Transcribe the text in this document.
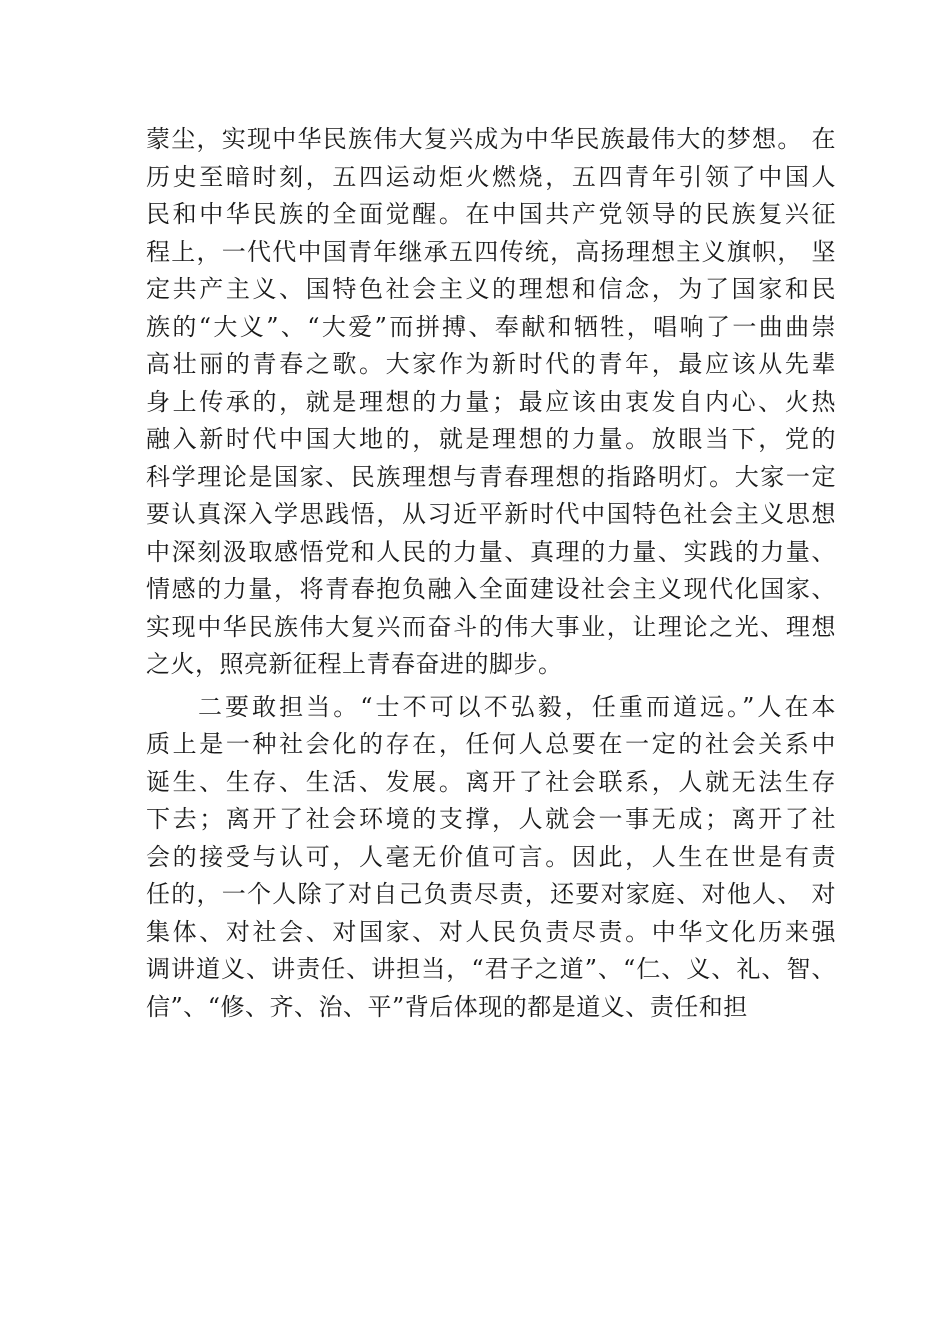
蒙尘，实现中华民族伟大复兴成为中华民族最伟大的梦想。 在
历史至暗时刻，五四运动炬火燃烧，五四青年引领了中国人
民和中华民族的全面觉醒。在中国共产党领导的民族复兴征
程上，一代代中国青年继承五四传统，高扬理想主义旗帜， 坚
定共产主义、国特色社会主义的理想和信念，为了国家和民
族的“大义”、“大爱”而拼搏、奉献和牺牲，唱响了一曲曲崇
高壮丽的青春之歌。大家作为新时代的青年，最应该从先辈
身上传承的，就是理想的力量；最应该由衷发自内心、火热
融入新时代中国大地的，就是理想的力量。放眼当下，党的
科学理论是国家、民族理想与青春理想的指路明灯。大家一定
要认真深入学思践悟，从习近平新时代中国特色社会主义思想
中深刻汲取感悟党和人民的力量、真理的力量、实践的力量、
情感的力量，将青春抱负融入全面建设社会主义现代化国家、
实现中华民族伟大复兴而奋斗的伟大事业，让理论之光、理想
之火，照亮新征程上青春奋进的脚步。
二要敢担当。“士不可以不弘毅，任重而道远。”人在本
质上是一种社会化的存在，任何人总要在一定的社会关系中
诞生、生存、生活、发展。离开了社会联系，人就无法生存
下去；离开了社会环境的支撑，人就会一事无成；离开了社
会的接受与认可，人毫无价值可言。因此，人生在世是有责
任的，一个人除了对自己负责尽责，还要对家庭、对他人、 对
集体、对社会、对国家、对人民负责尽责。中华文化历来强
调讲道义、讲责任、讲担当，“君子之道”、“仁、义、礼、智、
信”、“修、齐、治、平”背后体现的都是道义、责任和担
